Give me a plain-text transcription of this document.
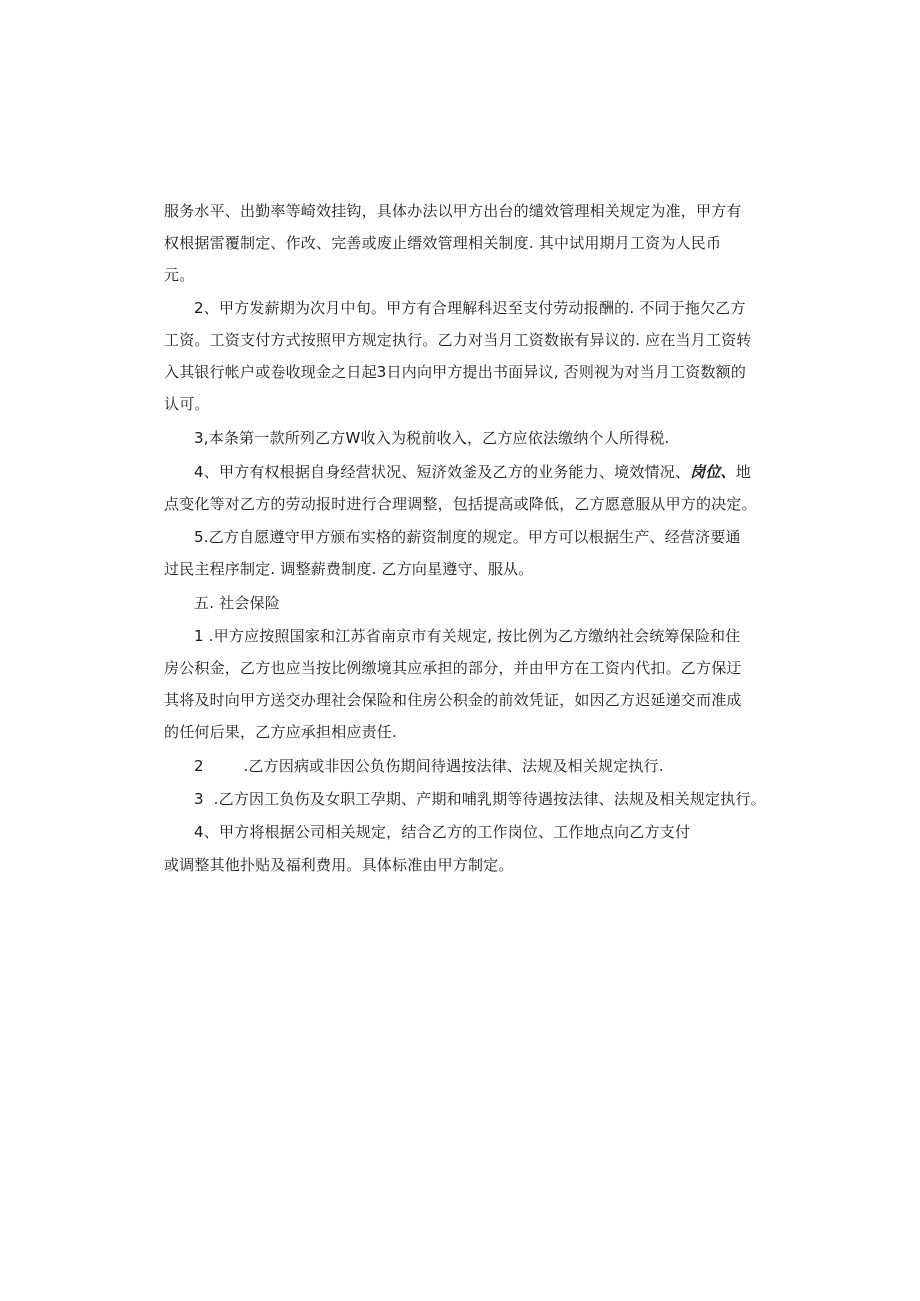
服务水平、出勤率等崎效挂钩，具体办法以甲方出台的缱效管理相关规定为准，甲方有
权根据雷覆制定、作改、完善或废止缙效管理相关制度. 其中试用期月工资为人民币
元。
2、甲方发薪期为次月中旬。甲方有合理解科迟至支付劳动报酬的. 不同于拖欠乙方
工资。工资支付方式按照甲方规定执行。乙力对当月工资数嵌有异议的. 应在当月工资转
入其银行帐户或卷收现金之日起3日内向甲方提出书面异议, 否则视为对当月工资数额的
认可。
3,本条第一款所列乙方W收入为税前收入，乙方应依法缴纳个人所得税.
4、甲方有权根据自身经营状况、短济效釜及乙方的业务能力、境效情况、岗位、地
点变化等对乙方的劳动报时进行合理调整，包括提高或降低，乙方愿意服从甲方的决定。
5.乙方自愿遵守甲方颁布实格的薪资制度的规定。甲方可以根据生产、经营济要通
过民主程序制定. 调整薪费制度. 乙方向星遵守、服从。
五. 社会保险
1 .甲方应按照国家和江苏省南京市有关规定, 按比例为乙方缴纳社会统筹保险和住
房公积金，乙方也应当按比例缴境其应承担的部分，并由甲方在工资内代扣。乙方保迂
其将及时向甲方送交办理社会保险和住房公积金的前效凭证，如因乙方迟延递交而准成
的任何后果，乙方应承担相应责任.
2        .乙方因病或非因公负伤期间待遇按法律、法规及相关规定执行.
3  .乙方因工负伤及女职工孕期、产期和哺乳期等待遇按法律、法规及相关规定执行。
4、甲方将根据公司相关规定，结合乙方的工作岗位、工作地点向乙方支付
或调整其他扑贴及福利费用。具体标准由甲方制定。
